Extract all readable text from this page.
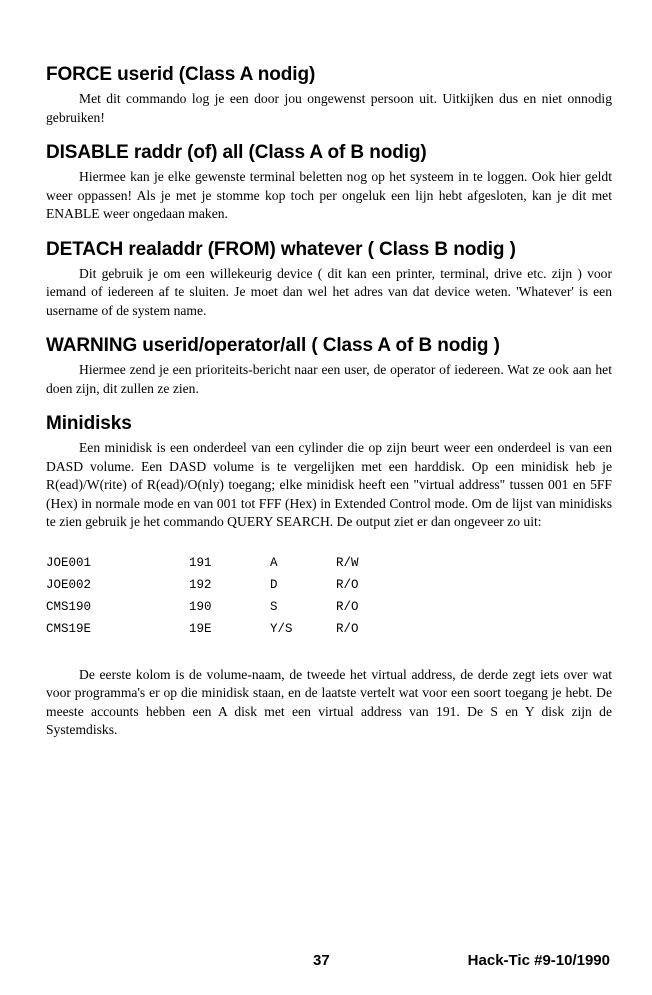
FORCE userid (Class A nodig)

Met dit commando log je een door jou ongewenst persoon uit. Uitkijken dus en niet onnodig gebruiken!

DISABLE raddr (of) all (Class A of B nodig)

Hiermee kan je elke gewenste terminal beletten nog op het systeem in te loggen. Ook hier geldt weer oppassen! Als je met je stomme kop toch per ongeluk een lijn hebt afgesloten, kan je dit met ENABLE weer ongedaan maken.

DETACH realaddr (FROM) whatever ( Class B nodig )

Dit gebruik je om een willekeurig device ( dit kan een printer, terminal, drive etc. zijn ) voor iemand of iedereen af te sluiten. Je moet dan wel het adres van dat device weten. 'Whatever' is een username of de system name.

WARNING userid/operator/all ( Class A of B nodig )

Hiermee zend je een prioriteits-bericht naar een user, de operator of iedereen. Wat ze ook aan het doen zijn, dit zullen ze zien.

Minidisks

Een minidisk is een onderdeel van een cylinder die op zijn beurt weer een onderdeel is van een DASD volume. Een DASD volume is te vergelijken met een harddisk. Op een minidisk heb je R(ead)/W(rite) of R(ead)/O(nly) toegang; elke minidisk heeft een "virtual address" tussen 001 en 5FF (Hex) in normale mode en van 001 tot FFF (Hex) in Extended Control mode. Om de lijst van minidisks te zien gebruik je het commando QUERY SEARCH. De output ziet er dan ongeveer zo uit:

JOE001	191	A	R/W
JOE002	192	D	R/O
CMS190	190	S	R/O
CMS19E	19E	Y/S	R/O

De eerste kolom is de volume-naam, de tweede het virtual address, de derde zegt iets over wat voor programma's er op die minidisk staan, en de laatste vertelt wat voor een soort toegang je hebt. De meeste accounts hebben een A disk met een virtual address van 191. De S en Y disk zijn de Systemdisks.

37	Hack-Tic #9-10/1990
